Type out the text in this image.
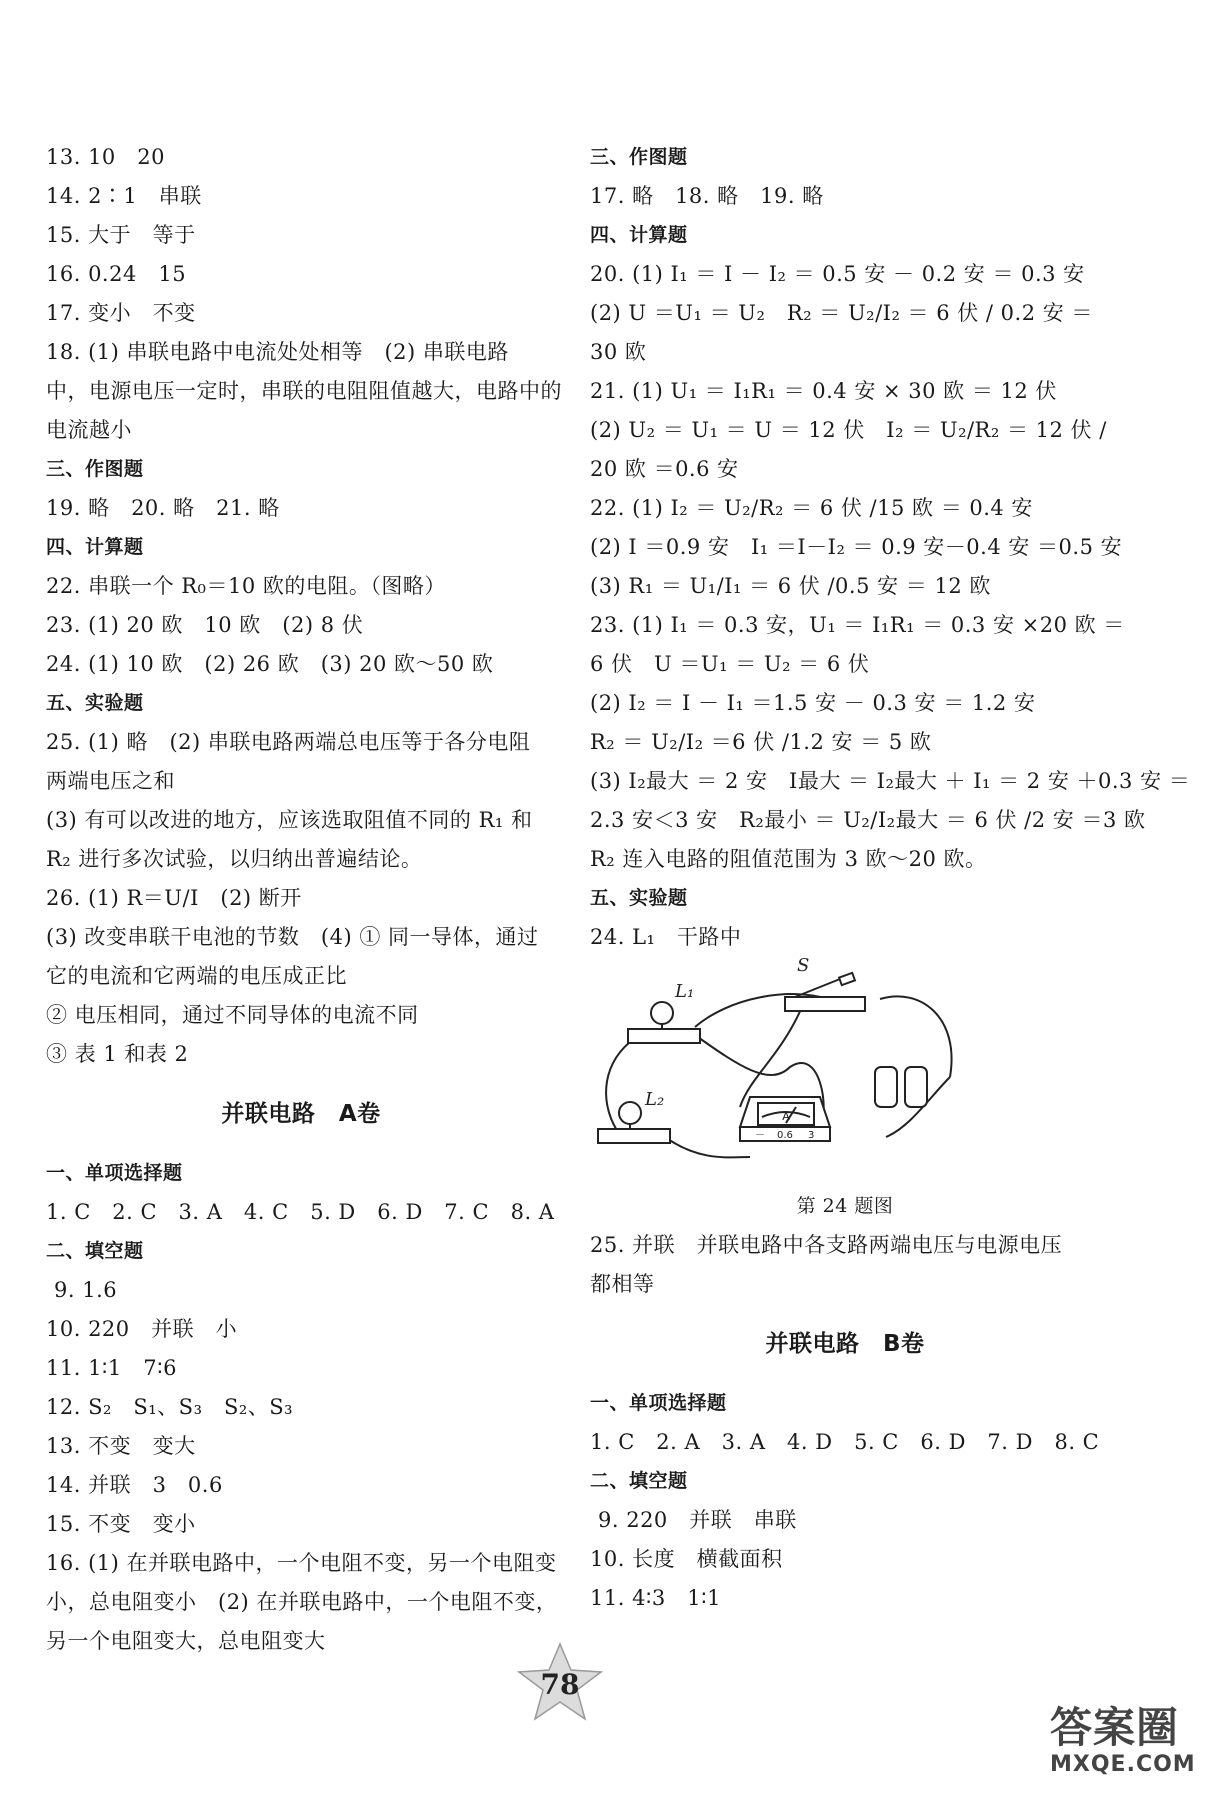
13. 10　20
14. 2∶1　串联
15. 大于　等于
16. 0.24　15
17. 变小　不变
18. (1) 串联电路中电流处处相等　(2) 串联电路
中，电源电压一定时，串联的电阻阻值越大，电路中的
电流越小
三、作图题
19. 略　20. 略　21. 略
四、计算题
22. 串联一个 R₀＝10 欧的电阻。（图略）
23. (1) 20 欧　10 欧　(2) 8 伏
24. (1) 10 欧　(2) 26 欧　(3) 20 欧～50 欧
五、实验题
25. (1) 略　(2) 串联电路两端总电压等于各分电阻
两端电压之和
(3) 有可以改进的地方，应该选取阻值不同的 R₁ 和
R₂ 进行多次试验，以归纳出普遍结论。
26. (1) R＝U/I　(2) 断开
(3) 改变串联干电池的节数　(4) ① 同一导体，通过
它的电流和它两端的电压成正比
② 电压相同，通过不同导体的电流不同
③ 表 1 和表 2
并联电路　A卷
一、单项选择题
1. C　2. C　3. A　4. C　5. D　6. D　7. C　8. A
二、填空题
9. 1.6
10. 220　并联　小
11. 1∶1　7∶6
12. S₂　S₁、S₃　S₂、S₃
13. 不变　变大
14. 并联　3　0.6
15. 不变　变小
16. (1) 在并联电路中，一个电阻不变，另一个电阻变
小，总电阻变小　(2) 在并联电路中，一个电阻不变，
另一个电阻变大，总电阻变大
三、作图题
17. 略　18. 略　19. 略
四、计算题
20. (1) I₁ ＝ I － I₂ ＝ 0.5 安 － 0.2 安 ＝ 0.3 安
(2) U ＝U₁ ＝ U₂　R₂ ＝ U₂/I₂ ＝ 6 伏 / 0.2 安 ＝
30 欧
21. (1) U₁ ＝ I₁R₁ ＝ 0.4 安 × 30 欧 ＝ 12 伏
(2) U₂ ＝ U₁ ＝ U ＝ 12 伏　I₂ ＝ U₂/R₂ ＝ 12 伏 /
20 欧 ＝0.6 安
22. (1) I₂ ＝ U₂/R₂ ＝ 6 伏 /15 欧 ＝ 0.4 安
(2) I ＝0.9 安　I₁ ＝I－I₂ ＝ 0.9 安－0.4 安 ＝0.5 安
(3) R₁ ＝ U₁/I₁ ＝ 6 伏 /0.5 安 ＝ 12 欧
23. (1) I₁ ＝ 0.3 安，U₁ ＝ I₁R₁ ＝ 0.3 安 ×20 欧 ＝
6 伏　U ＝U₁ ＝ U₂ ＝ 6 伏
(2) I₂ ＝ I － I₁ ＝1.5 安 － 0.3 安 ＝ 1.2 安
R₂ ＝ U₂/I₂ ＝6 伏 /1.2 安 ＝ 5 欧
(3) I₂最大 ＝ 2 安　I最大 ＝ I₂最大 ＋ I₁ ＝ 2 安 ＋0.3 安 ＝
2.3 安＜3 安　R₂最小 ＝ U₂/I₂最大 ＝ 6 伏 /2 安 ＝3 欧
R₂ 连入电路的阻值范围为 3 欧～20 欧。
五、实验题
24. L₁　干路中
L₁
L₂
S
A
－ 0.6 3
第 24 题图
25. 并联　并联电路中各支路两端电压与电源电压
都相等
并联电路　B卷
一、单项选择题
1. C　2. A　3. A　4. D　5. C　6. D　7. D　8. C
二、填空题
9. 220　并联　串联
10. 长度　横截面积
11. 4∶3　1∶1
78
答案圈
MXQE.COM
